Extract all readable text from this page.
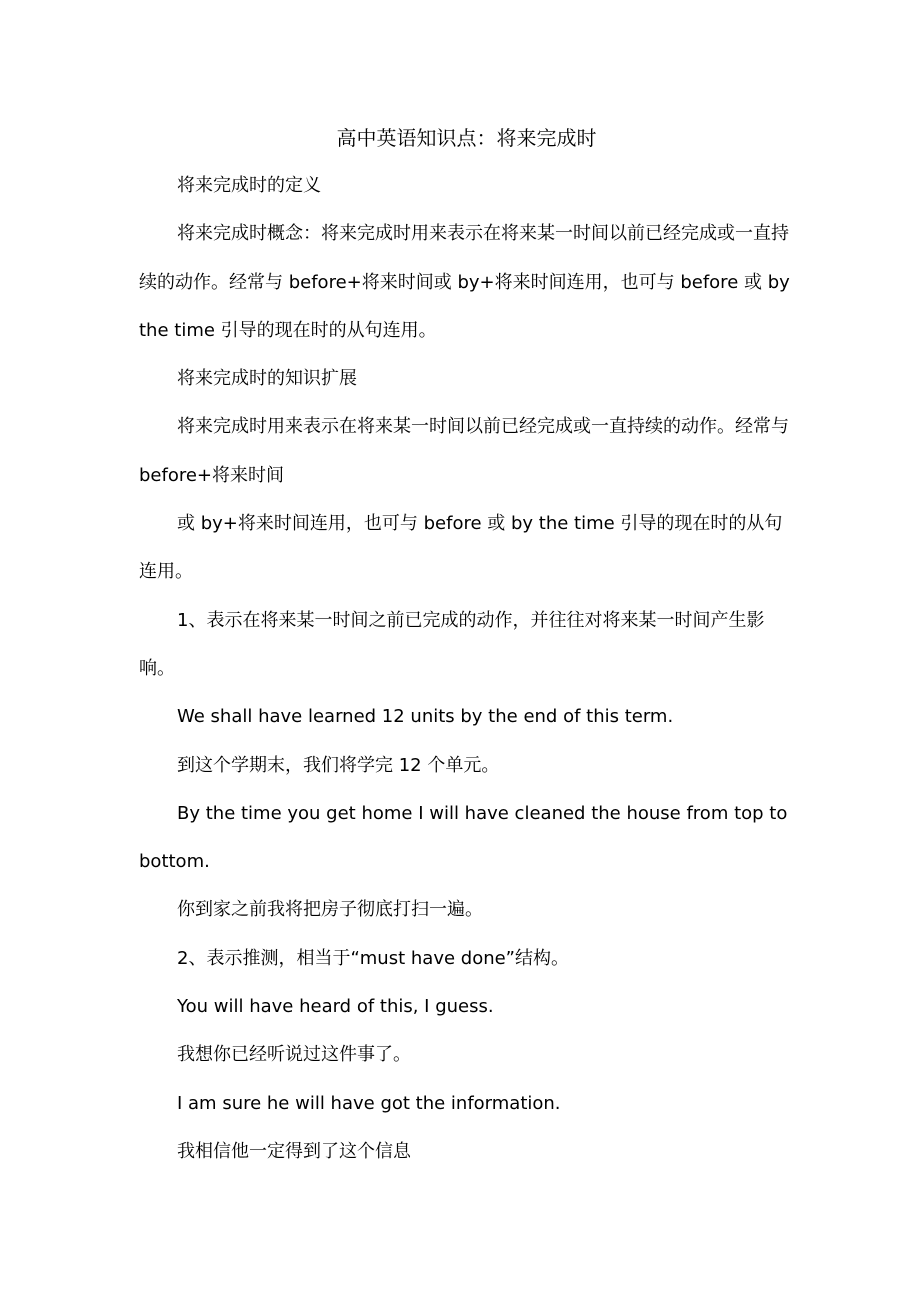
高中英语知识点：将来完成时

将来完成时的定义

将来完成时概念：将来完成时用来表示在将来某一时间以前已经完成或一直持续的动作。经常与 before+将来时间或 by+将来时间连用，也可与 before 或 by the time 引导的现在时的从句连用。

将来完成时的知识扩展

将来完成时用来表示在将来某一时间以前已经完成或一直持续的动作。经常与 before+将来时间

或 by+将来时间连用，也可与 before 或 by the time 引导的现在时的从句连用。

1、表示在将来某一时间之前已完成的动作，并往往对将来某一时间产生影响。

We shall have learned 12 units by the end of this term.

到这个学期末，我们将学完 12 个单元。

By the time you get home I will have cleaned the house from top to bottom.

你到家之前我将把房子彻底打扫一遍。

2、表示推测，相当于“must have done”结构。

You will have heard of this, I guess.

我想你已经听说过这件事了。

I am sure he will have got the information.

我相信他一定得到了这个信息
